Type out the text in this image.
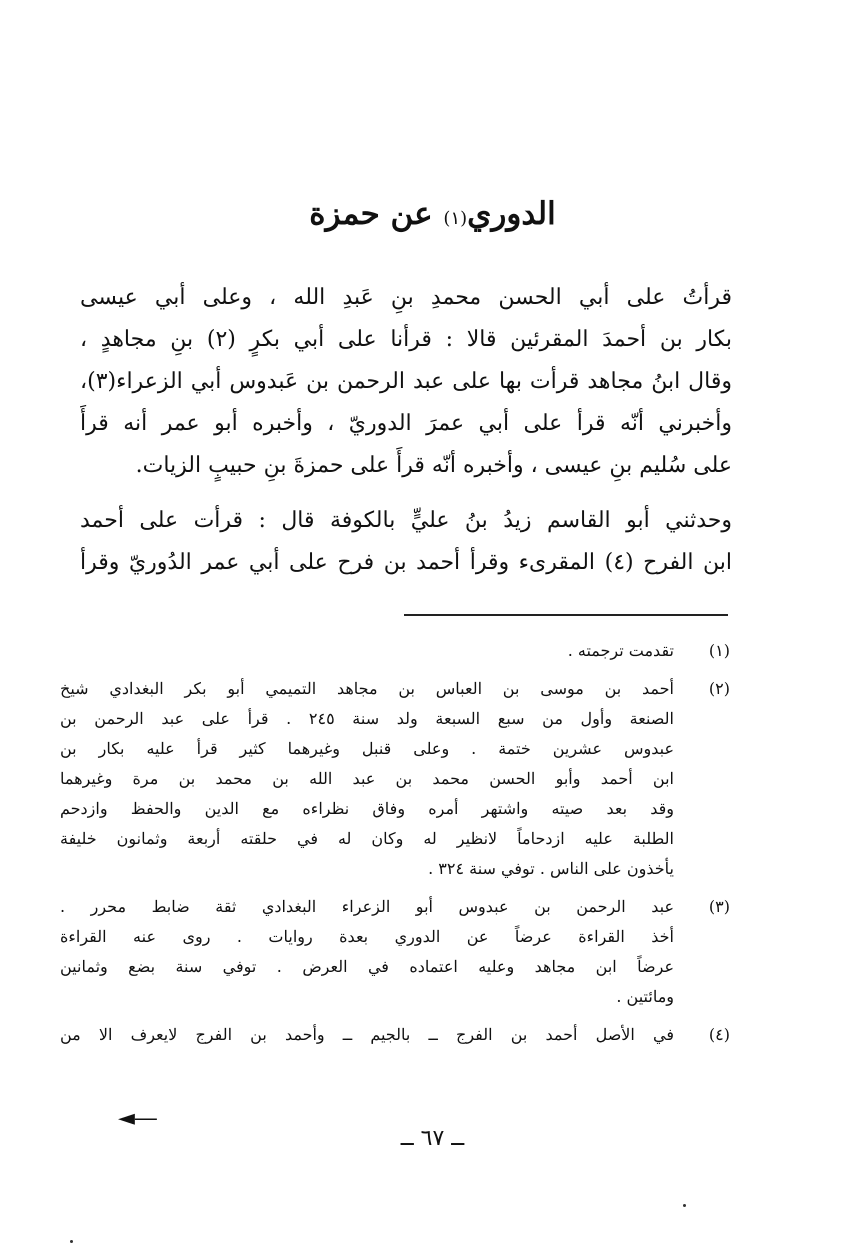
الدوري(١) عن حمزة
قرأتُ على أبي الحسن محمدِ بنِ عَبدِ الله ، وعلى أبي عيسى
بكار بن أحمدَ المقرئين قالا : قرأنا على أبي بكرٍ (٢) بنِ مجاهدٍ ،
وقال ابنُ مجاهد قرأت بها على عبد الرحمن بن عَبدوس أبي الزعراء(٣)،
وأخبرني أنّه قرأ على أبي عمرَ الدوريّ ، وأخبره أبو عمر أنه قرأَ
على سُليم بنِ عيسى ، وأخبره أنّه قرأَ على حمزةَ بنِ حبيبٍ الزيات.
وحدثني أبو القاسم زيدُ بنُ عليٍّ بالكوفة قال : قرأت على أحمد
ابن الفرح (٤) المقرىء وقرأ أحمد بن فرح على أبي عمر الدُوريّ وقرأ
(١)
تقدمت ترجمته .
(٢)
أحمد بن موسى بن العباس بن مجاهد التميمي أبو بكر البغدادي شيخ
الصنعة وأول من سبع السبعة ولد سنة ٢٤٥ . قرأ على عبد الرحمن بن
عبدوس عشرين ختمة . وعلى قنبل وغيرهما كثير قرأ عليه بكار بن
ابن أحمد وأبو الحسن محمد بن عبد الله بن محمد بن مرة وغيرهما
وقد بعد صيته واشتهر أمره وفاق نظراءه مع الدين والحفظ وازدحم
الطلبة عليه ازدحاماً لانظير له وكان له في حلقته أربعة وثمانون خليفة
يأخذون على الناس . توفي سنة ٣٢٤ .
(٣)
عبد الرحمن بن عبدوس أبو الزعراء البغدادي ثقة ضابط محرر .
أخذ القراءة عرضاً عن الدوري بعدة روايات . روى عنه القراءة
عرضاً ابن مجاهد وعليه اعتماده في العرض . توفي سنة بضع وثمانين
ومائتين .
(٤)
في الأصل أحمد بن الفرج ــ بالجيم ــ وأحمد بن الفرج لايعرف الا من
◄―
ــ ٦٧ ــ
